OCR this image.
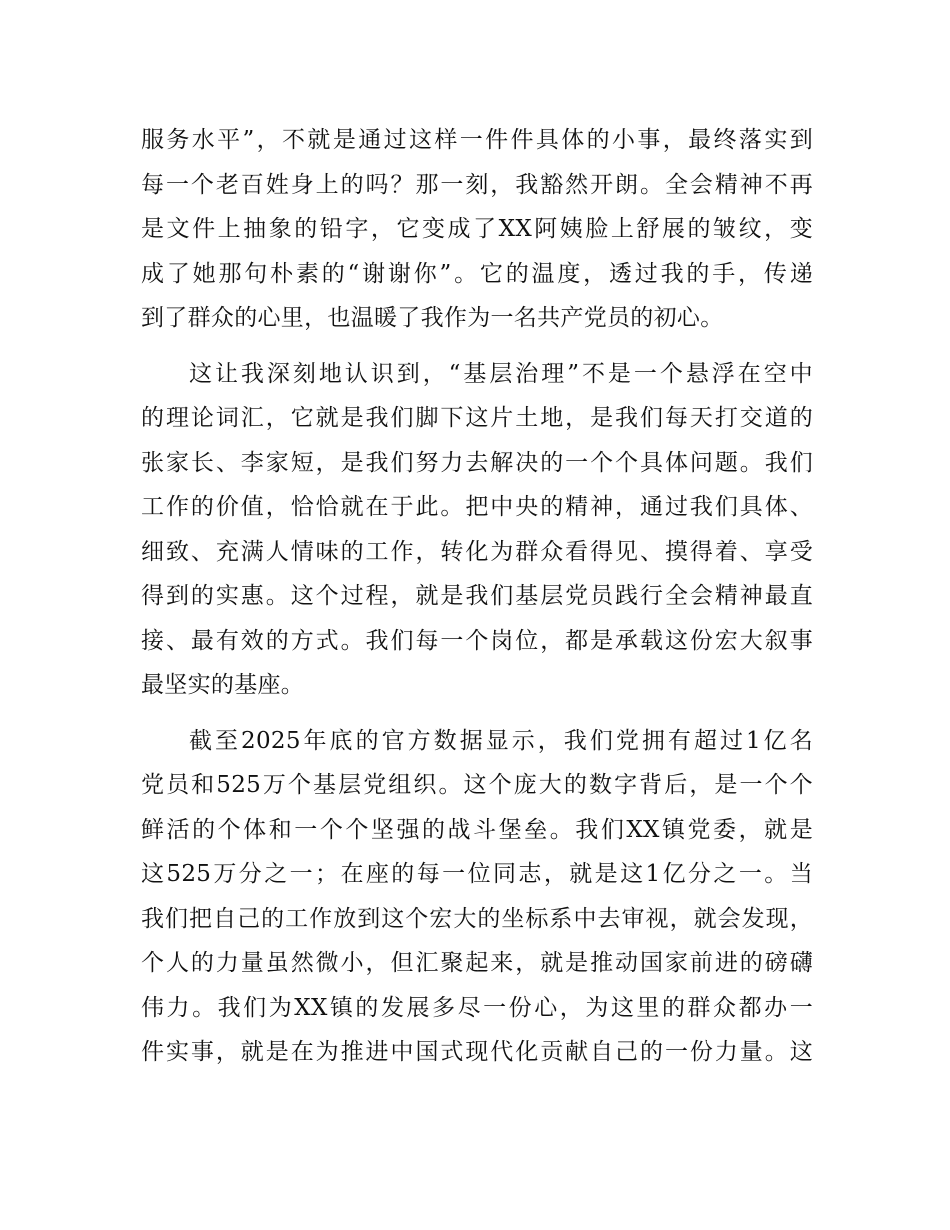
服务水平”，不就是通过这样一件件具体的小事，最终落实到
每一个老百姓身上的吗？那一刻，我豁然开朗。全会精神不再
是文件上抽象的铅字，它变成了XX阿姨脸上舒展的皱纹，变
成了她那句朴素的“谢谢你”。它的温度，透过我的手，传递
到了群众的心里，也温暖了我作为一名共产党员的初心。
这让我深刻地认识到，“基层治理”不是一个悬浮在空中
的理论词汇，它就是我们脚下这片土地，是我们每天打交道的
张家长、李家短，是我们努力去解决的一个个具体问题。我们
工作的价值，恰恰就在于此。把中央的精神，通过我们具体、
细致、充满人情味的工作，转化为群众看得见、摸得着、享受
得到的实惠。这个过程，就是我们基层党员践行全会精神最直
接、最有效的方式。我们每一个岗位，都是承载这份宏大叙事
最坚实的基座。
截至2025年底的官方数据显示，我们党拥有超过1亿名
党员和525万个基层党组织。这个庞大的数字背后，是一个个
鲜活的个体和一个个坚强的战斗堡垒。我们XX镇党委，就是
这525万分之一；在座的每一位同志，就是这1亿分之一。当
我们把自己的工作放到这个宏大的坐标系中去审视，就会发现，
个人的力量虽然微小，但汇聚起来，就是推动国家前进的磅礴
伟力。我们为XX镇的发展多尽一份心，为这里的群众都办一
件实事，就是在为推进中国式现代化贡献自己的一份力量。这
